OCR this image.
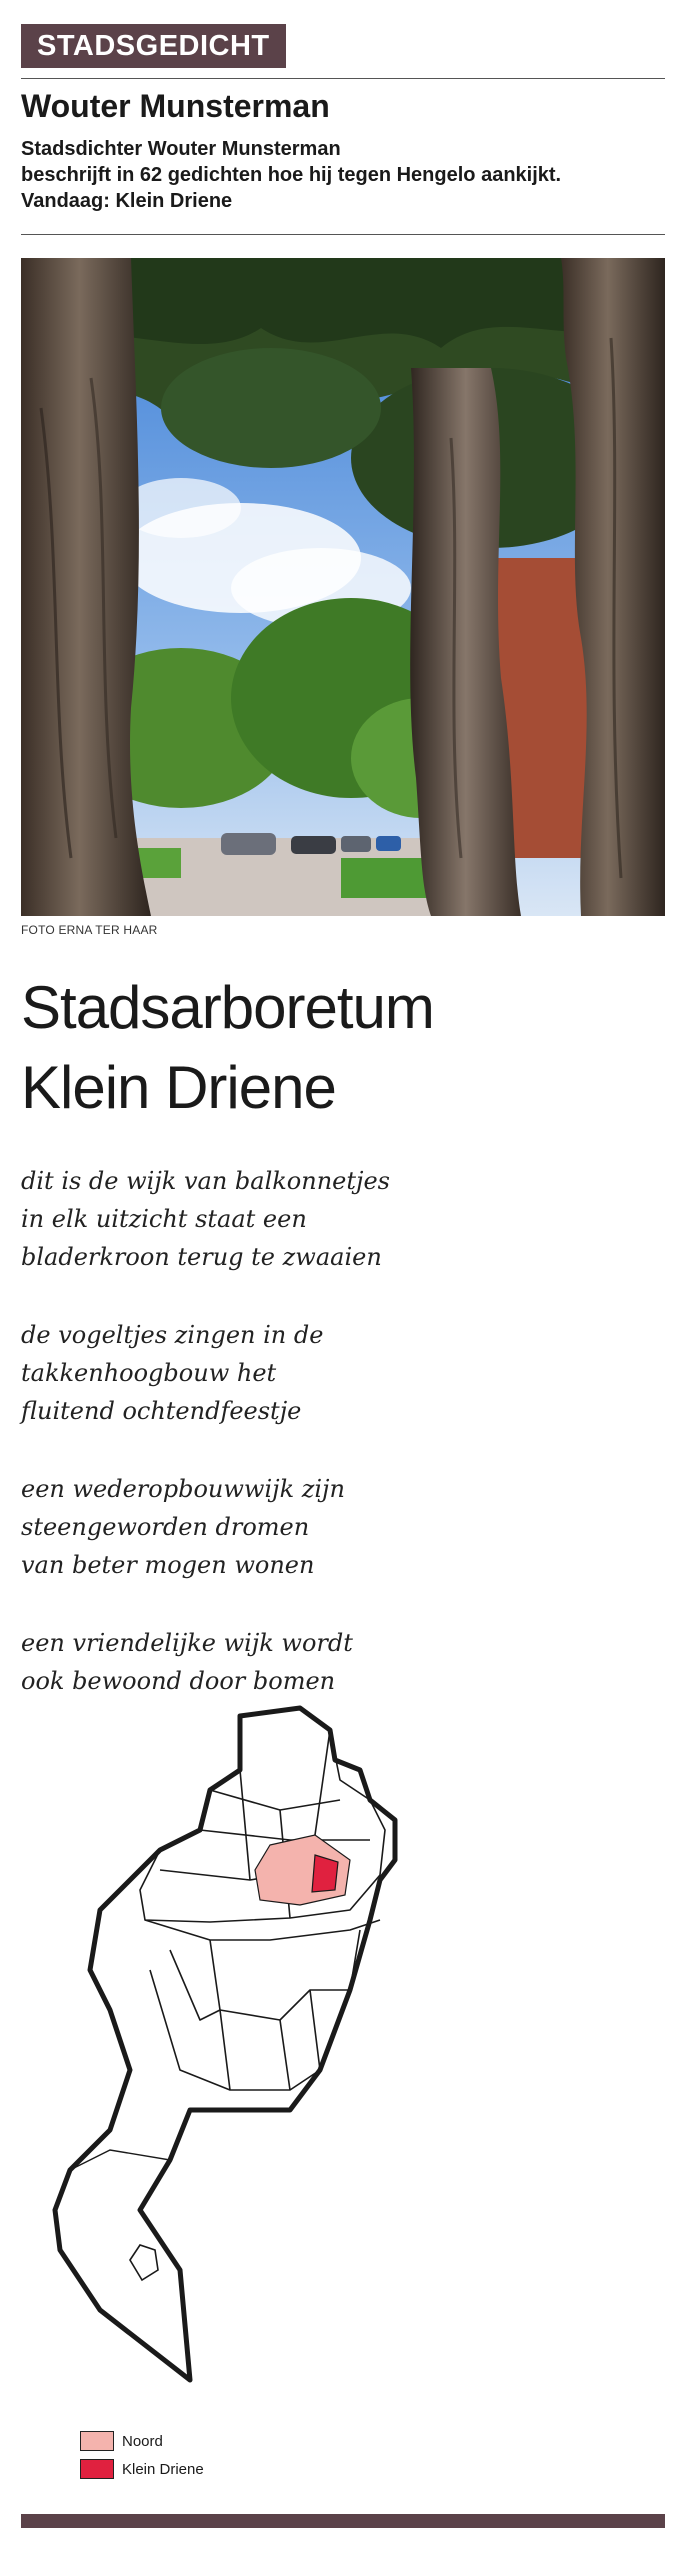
STADSGEDICHT
Wouter Munsterman
Stadsdichter Wouter Munsterman
beschrijft in 62 gedichten hoe hij tegen Hengelo aankijkt.
Vandaag: Klein Driene
FOTO ERNA TER HAAR
Stadsarboretum
Klein Driene
dit is de wijk van balkonnetjes
in elk uitzicht staat een
bladerkroon terug te zwaaien
de vogeltjes zingen in de
takkenhoogbouw het
fluitend ochtendfeestje
een wederopbouwwijk zijn
steengeworden dromen
van beter mogen wonen
een vriendelijke wijk wordt
ook bewoond door bomen
Noord
Klein Driene
